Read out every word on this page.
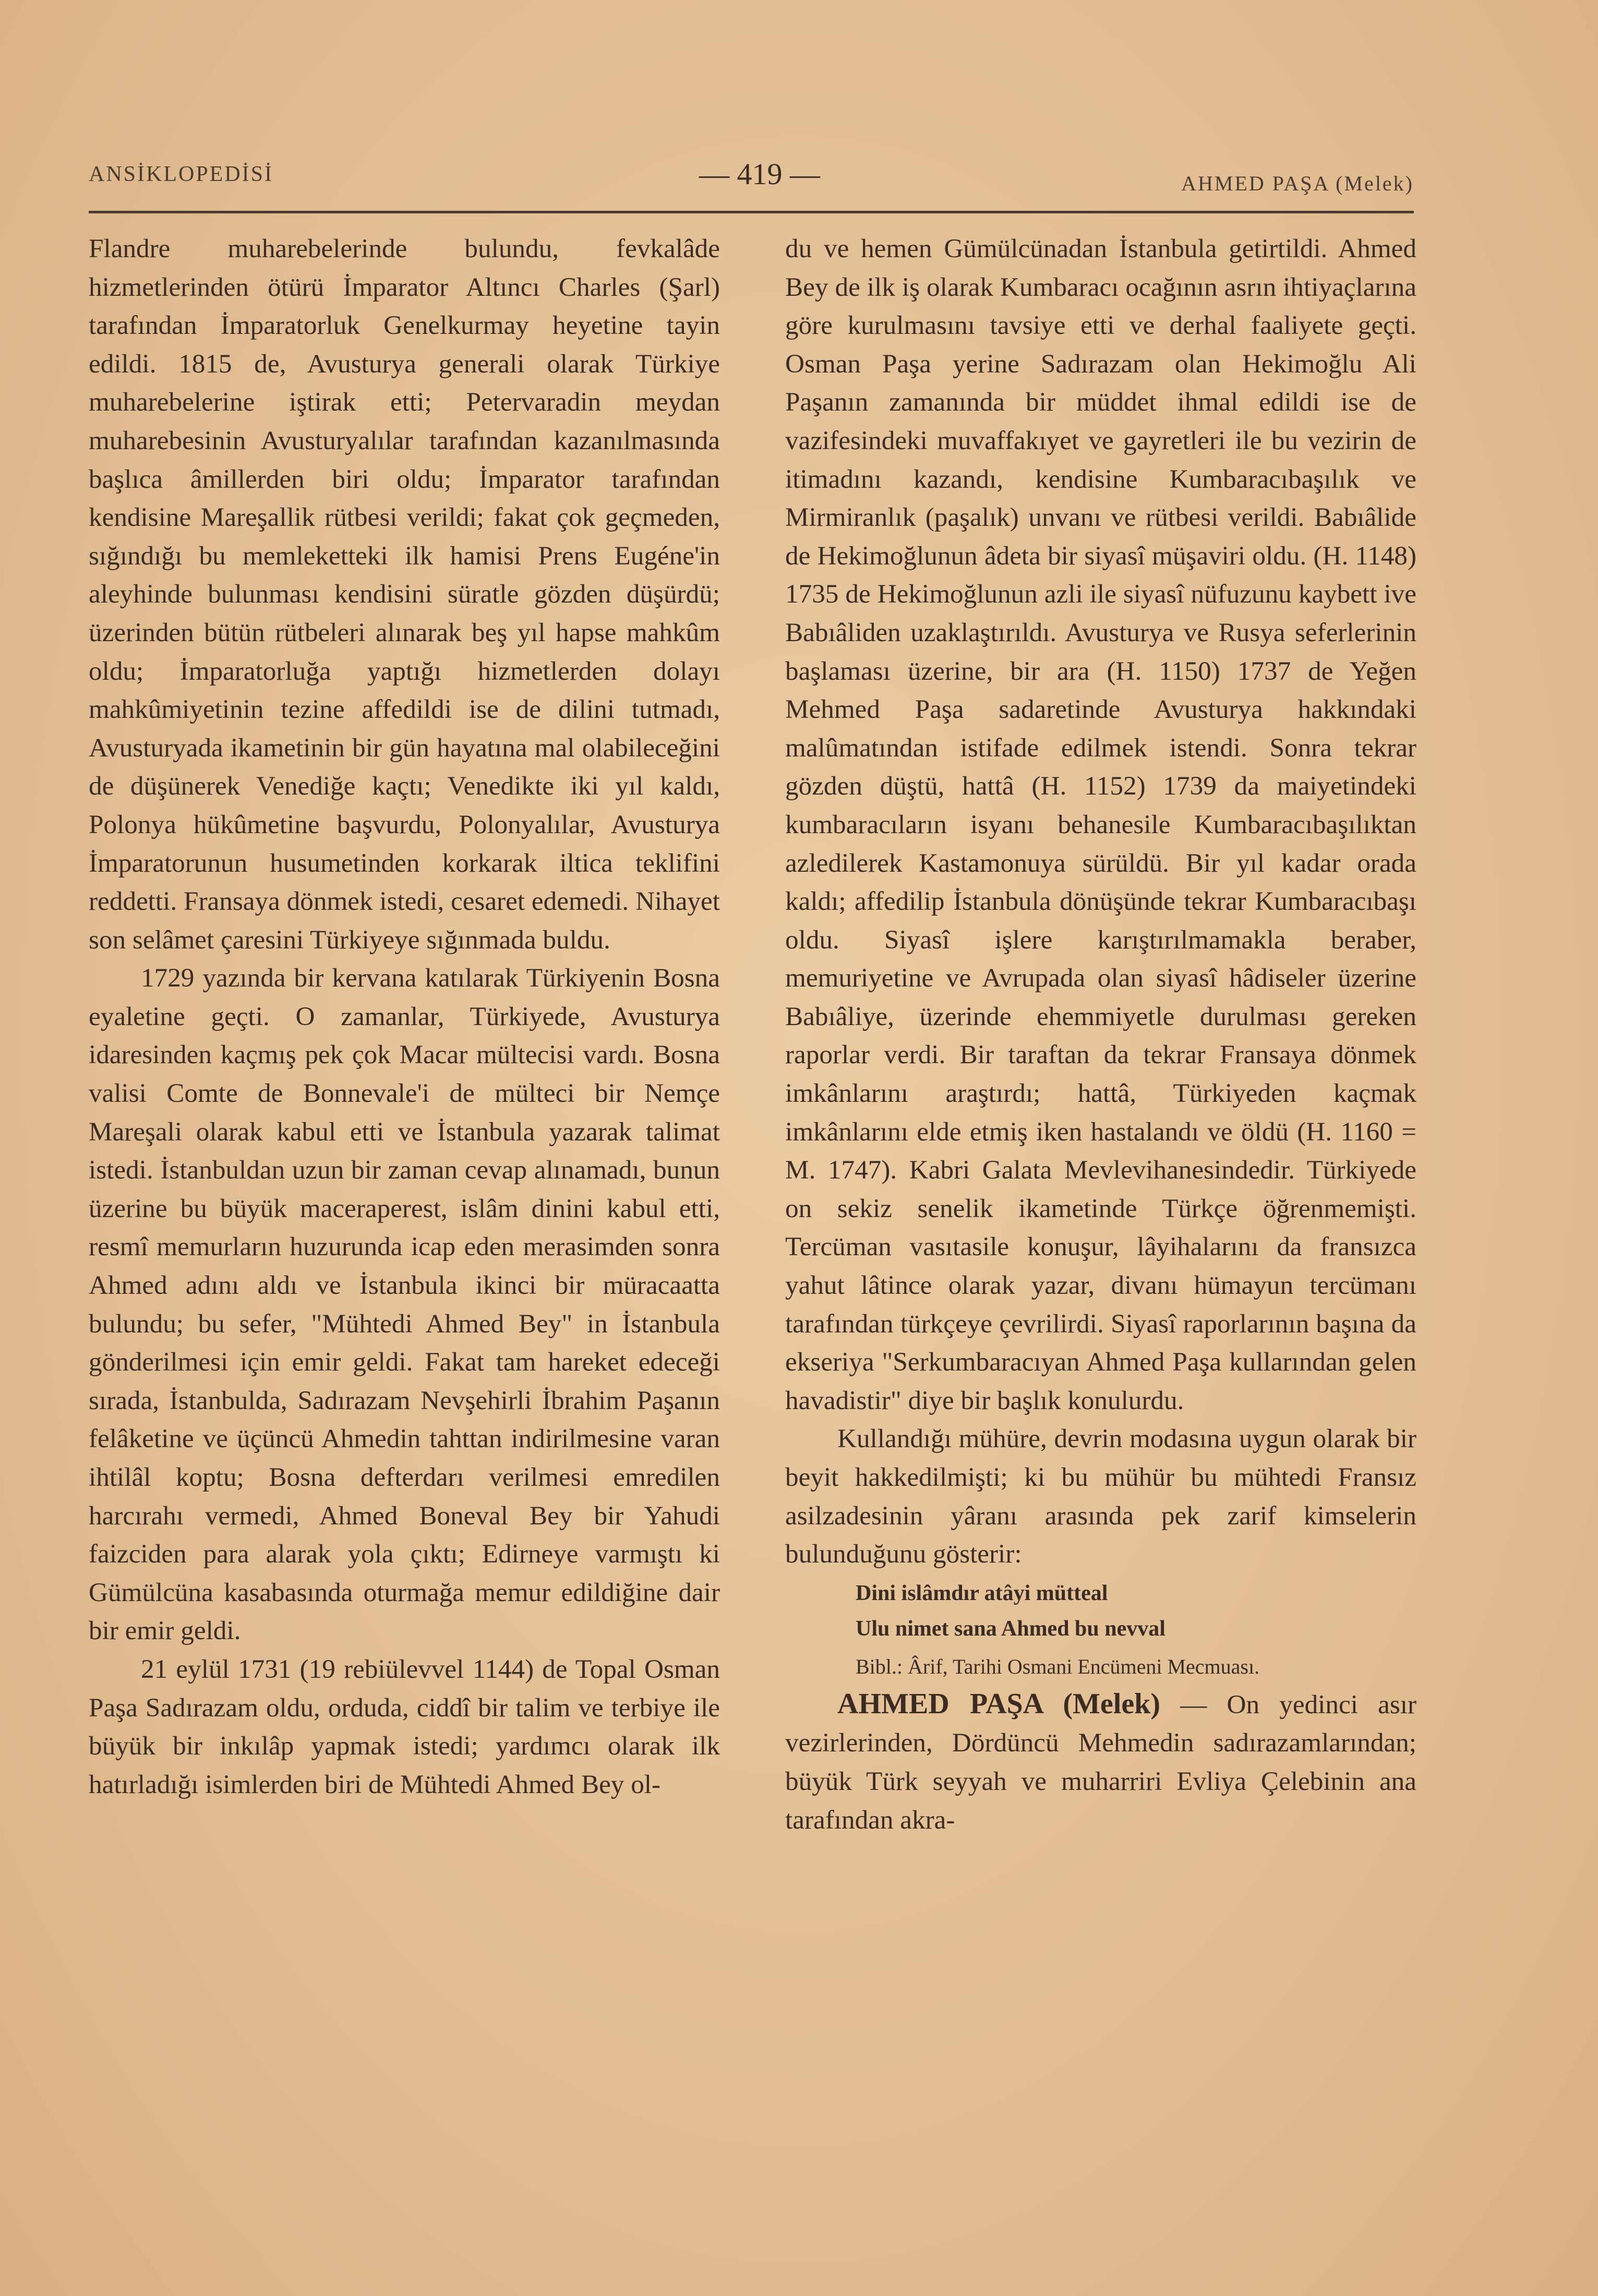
ANSİKLOPEDİSİ	— 419 —	AHMED PAŞA (Melek)

Flandre muharebelerinde bulundu, fevkalâde hizmetlerinden ötürü İmparator Altıncı Charles (Şarl) tarafından İmparatorluk Genelkurmay heyetine tayin edildi. 1815 de, Avusturya generali olarak Türkiye muharebelerine iştirak etti; Petervaradin meydan muharebesinin Avusturyalılar tarafından kazanılmasında başlıca âmillerden biri oldu; İmparator tarafından kendisine Mareşallik rütbesi verildi; fakat çok geçmeden, sığındığı bu memleketteki ilk hamisi Prens Eugéne'in aleyhinde bulunması kendisini süratle gözden düşürdü; üzerinden bütün rütbeleri alınarak beş yıl hapse mahkûm oldu; İmparatorluğa yaptığı hizmetlerden dolayı mahkûmiyetinin tezine affedildi ise de dilini tutmadı, Avusturyada ikametinin bir gün hayatına mal olabileceğini de düşünerek Venediğe kaçtı; Venedikte iki yıl kaldı, Polonya hükûmetine başvurdu, Polonyalılar, Avusturya İmparatorunun husumetinden korkarak iltica teklifini reddetti. Fransaya dönmek istedi, cesaret edemedi. Nihayet son selâmet çaresini Türkiyeye sığınmada buldu.

1729 yazında bir kervana katılarak Türkiyenin Bosna eyaletine geçti. O zamanlar, Türkiyede, Avusturya idaresinden kaçmış pek çok Macar mültecisi vardı. Bosna valisi Comte de Bonnevale'i de mülteci bir Nemçe Mareşali olarak kabul etti ve İstanbula yazarak talimat istedi. İstanbuldan uzun bir zaman cevap alınamadı, bunun üzerine bu büyük maceraperest, islâm dinini kabul etti, resmî memurların huzurunda icap eden merasimden sonra Ahmed adını aldı ve İstanbula ikinci bir müracaatta bulundu; bu sefer, "Mühtedi Ahmed Bey" in İstanbula gönderilmesi için emir geldi. Fakat tam hareket edeceği sırada, İstanbulda, Sadırazam Nevşehirli İbrahim Paşanın felâketine ve üçüncü Ahmedin tahttan indirilmesine varan ihtilâl koptu; Bosna defterdarı verilmesi emredilen harcırahı vermedi, Ahmed Boneval Bey bir Yahudi faizciden para alarak yola çıktı; Edirneye varmıştı ki Gümülcüna kasabasında oturmağa memur edildiğine dair bir emir geldi.

21 eylül 1731 (19 rebiülevvel 1144) de Topal Osman Paşa Sadırazam oldu, orduda, ciddî bir talim ve terbiye ile büyük bir inkılâp yapmak istedi; yardımcı olarak ilk hatırladığı isimlerden biri de Mühtedi Ahmed Bey ol-

du ve hemen Gümülcünadan İstanbula getirtildi. Ahmed Bey de ilk iş olarak Kumbaracı ocağının asrın ihtiyaçlarına göre kurulmasını tavsiye etti ve derhal faaliyete geçti. Osman Paşa yerine Sadırazam olan Hekimoğlu Ali Paşanın zamanında bir müddet ihmal edildi ise de vazifesindeki muvaffakıyet ve gayretleri ile bu vezirin de itimadını kazandı, kendisine Kumbaracıbaşılık ve Mirmiranlık (paşalık) unvanı ve rütbesi verildi. Babıâlide de Hekimoğlunun âdeta bir siyasî müşaviri oldu. (H. 1148) 1735 de Hekimoğlunun azli ile siyasî nüfuzunu kaybett ive Babıâliden uzaklaştırıldı. Avusturya ve Rusya seferlerinin başlaması üzerine, bir ara (H. 1150) 1737 de Yeğen Mehmed Paşa sadaretinde Avusturya hakkındaki malûmatından istifade edilmek istendi. Sonra tekrar gözden düştü, hattâ (H. 1152) 1739 da maiyetindeki kumbaracıların isyanı behanesile Kumbaracıbaşılıktan azledilerek Kastamonuya sürüldü. Bir yıl kadar orada kaldı; affedilip İstanbula dönüşünde tekrar Kumbaracıbaşı oldu. Siyasî işlere karıştırılmamakla beraber, memuriyetine ve Avrupada olan siyasî hâdiseler üzerine Babıâliye, üzerinde ehemmiyetle durulması gereken raporlar verdi. Bir taraftan da tekrar Fransaya dönmek imkânlarını araştırdı; hattâ, Türkiyeden kaçmak imkânlarını elde etmiş iken hastalandı ve öldü (H. 1160 = M. 1747). Kabri Galata Mevlevihanesindedir. Türkiyede on sekiz senelik ikametinde Türkçe öğrenmemişti. Tercüman vasıtasile konuşur, lâyihalarını da fransızca yahut lâtince olarak yazar, divanı hümayun tercümanı tarafından türkçeye çevrilirdi. Siyasî raporlarının başına da ekseriya "Serkumbaracıyan Ahmed Paşa kullarından gelen havadistir" diye bir başlık konulurdu.

Kullandığı mühüre, devrin modasına uygun olarak bir beyit hakkedilmişti; ki bu mühür bu mühtedi Fransız asilzadesinin yâranı arasında pek zarif kimselerin bulunduğunu gösterir:

Dini islâmdır atâyi mütteal
Ulu nimet sana Ahmed bu nevval
Bibl.: Ârif, Tarihi Osmani Encümeni Mecmuası.

AHMED PAŞA (Melek) — On yedinci asır vezirlerinden, Dördüncü Mehmedin sadırazamlarından; büyük Türk seyyah ve muharriri Evliya Çelebinin ana tarafından akra-
